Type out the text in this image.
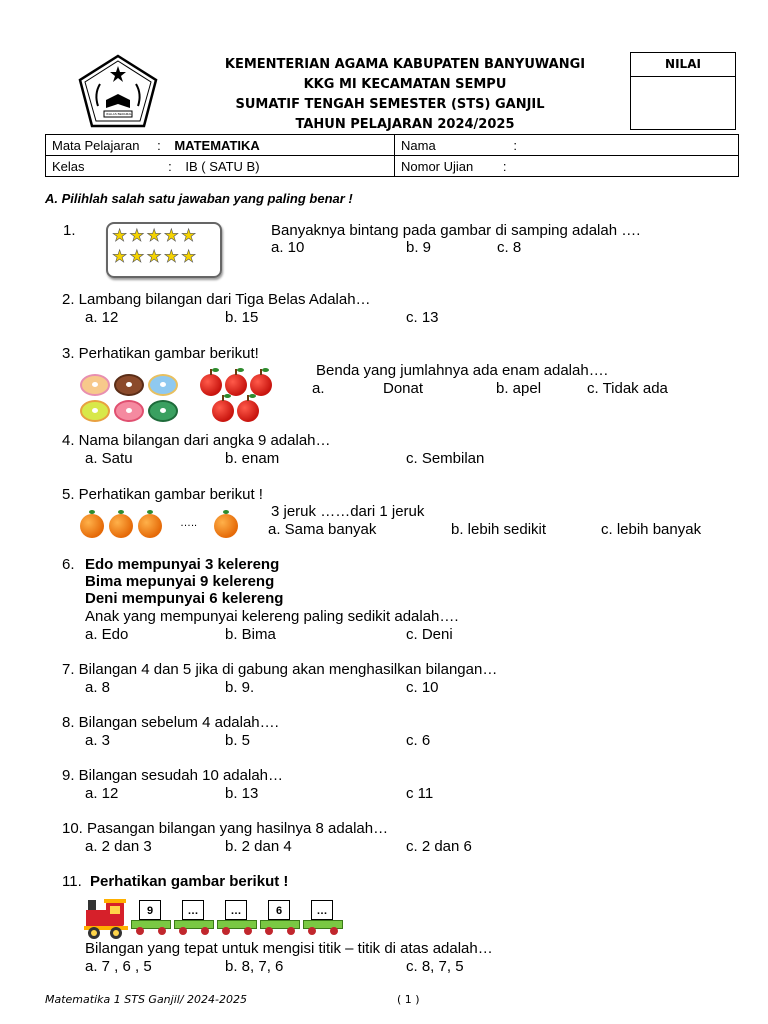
IKHLAS BERAMAL
KEMENTERIAN AGAMA KABUPATEN BANYUWANGI
KKG MI KECAMATAN SEMPU
SUMATIF TENGAH SEMESTER (STS) GANJIL
TAHUN PELAJARAN 2024/2025
NILAI
Mata Pelajaran : MATEMATIKA	Nama :
Kelas : IB ( SATU B)	Nomor Ujian :
A. Pilihlah salah satu jawaban yang paling benar !
1. ★★★★★
★★★★★
Banyaknya bintang pada gambar di samping adalah ….
a. 10	b. 9	c. 8
2. Lambang bilangan dari Tiga Belas Adalah…
a. 12	b. 15	c. 13
3. Perhatikan gambar berikut!
Benda yang jumlahnya ada enam adalah….
a.	Donat	b. apel	c. Tidak ada
4. Nama bilangan dari angka 9 adalah…
a. Satu	b. enam	c. Sembilan
5. Perhatikan gambar berikut !
…..
3 jeruk ……dari 1 jeruk
a. Sama banyak	b. lebih sedikit	c. lebih banyak
6. Edo mempunyai 3 kelereng
Bima mepunyai 9 kelereng
Deni mempunyai 6 kelereng
Anak yang mempunyai kelereng paling sedikit adalah….
a. Edo	b. Bima	c. Deni
7. Bilangan 4 dan 5 jika di gabung akan menghasilkan bilangan…
a. 8	b. 9.	c. 10
8. Bilangan sebelum 4 adalah….
a. 3	b. 5	c. 6
9. Bilangan sesudah 10 adalah…
a. 12	b. 13	c 11
10. Pasangan bilangan yang hasilnya 8 adalah…
a. 2 dan 3	b. 2 dan 4	c. 2 dan 6
11. Perhatikan gambar berikut !
9	…	…	6	…
Bilangan yang tepat untuk mengisi titik – titik di atas adalah…
a. 7 , 6 , 5	b. 8, 7, 6	c. 8, 7, 5
Matematika 1 STS Ganjil/ 2024-2025	( 1 )
